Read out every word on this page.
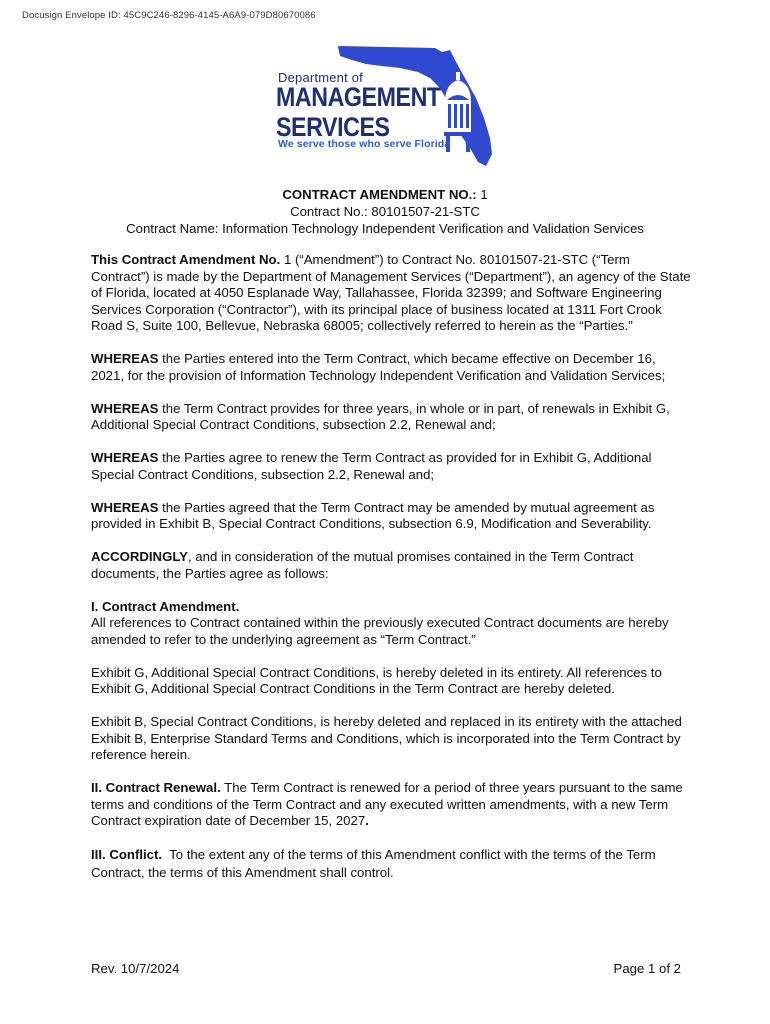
Docusign Envelope ID: 45C9C246-8296-4145-A6A9-079D80670086
Department of
MANAGEMENT
SERVICES
We serve those who serve Florida
CONTRACT AMENDMENT NO.: 1
Contract No.: 80101507-21-STC
Contract Name: Information Technology Independent Verification and Validation Services

This Contract Amendment No. 1 (“Amendment”) to Contract No. 80101507-21-STC (“Term Contract”) is made by the Department of Management Services (“Department”), an agency of the State of Florida, located at 4050 Esplanade Way, Tallahassee, Florida 32399; and Software Engineering Services Corporation (“Contractor”), with its principal place of business located at 1311 Fort Crook Road S, Suite 100, Bellevue, Nebraska 68005; collectively referred to herein as the “Parties.”

WHEREAS the Parties entered into the Term Contract, which became effective on December 16, 2021, for the provision of Information Technology Independent Verification and Validation Services;

WHEREAS the Term Contract provides for three years, in whole or in part, of renewals in Exhibit G, Additional Special Contract Conditions, subsection 2.2, Renewal and;

WHEREAS the Parties agree to renew the Term Contract as provided for in Exhibit G, Additional Special Contract Conditions, subsection 2.2, Renewal and;

WHEREAS the Parties agreed that the Term Contract may be amended by mutual agreement as provided in Exhibit B, Special Contract Conditions, subsection 6.9, Modification and Severability.

ACCORDINGLY, and in consideration of the mutual promises contained in the Term Contract documents, the Parties agree as follows:

I. Contract Amendment.
All references to Contract contained within the previously executed Contract documents are hereby amended to refer to the underlying agreement as “Term Contract.”

Exhibit G, Additional Special Contract Conditions, is hereby deleted in its entirety. All references to Exhibit G, Additional Special Contract Conditions in the Term Contract are hereby deleted.

Exhibit B, Special Contract Conditions, is hereby deleted and replaced in its entirety with the attached Exhibit B, Enterprise Standard Terms and Conditions, which is incorporated into the Term Contract by reference herein.

II. Contract Renewal. The Term Contract is renewed for a period of three years pursuant to the same terms and conditions of the Term Contract and any executed written amendments, with a new Term Contract expiration date of December 15, 2027.

III. Conflict.  To the extent any of the terms of this Amendment conflict with the terms of the Term Contract, the terms of this Amendment shall control.

Rev. 10/7/2024	Page 1 of 2
